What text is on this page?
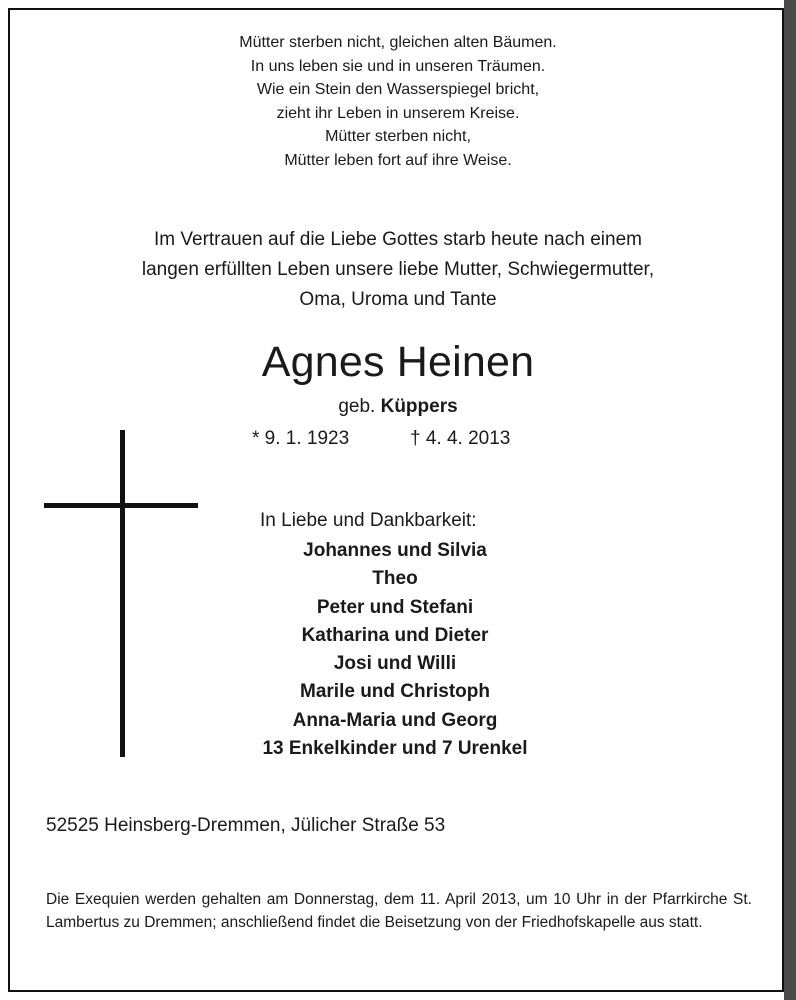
Mütter sterben nicht, gleichen alten Bäumen.
In uns leben sie und in unseren Träumen.
Wie ein Stein den Wasserspiegel bricht,
zieht ihr Leben in unserem Kreise.
Mütter sterben nicht,
Mütter leben fort auf ihre Weise.
Im Vertrauen auf die Liebe Gottes starb heute nach einem
langen erfüllten Leben unsere liebe Mutter, Schwiegermutter,
Oma, Uroma und Tante
Agnes Heinen
geb. Küppers
* 9. 1. 1923	† 4. 4. 2013
In Liebe und Dankbarkeit:
Johannes und Silvia
Theo
Peter und Stefani
Katharina und Dieter
Josi und Willi
Marile und Christoph
Anna-Maria und Georg
13 Enkelkinder und 7 Urenkel
52525 Heinsberg-Dremmen, Jülicher Straße 53
Die Exequien werden gehalten am Donnerstag, dem 11. April 2013, um 10 Uhr in der Pfarrkirche St. Lambertus zu Dremmen; anschließend findet die Beisetzung von der Friedhofskapelle aus statt.
